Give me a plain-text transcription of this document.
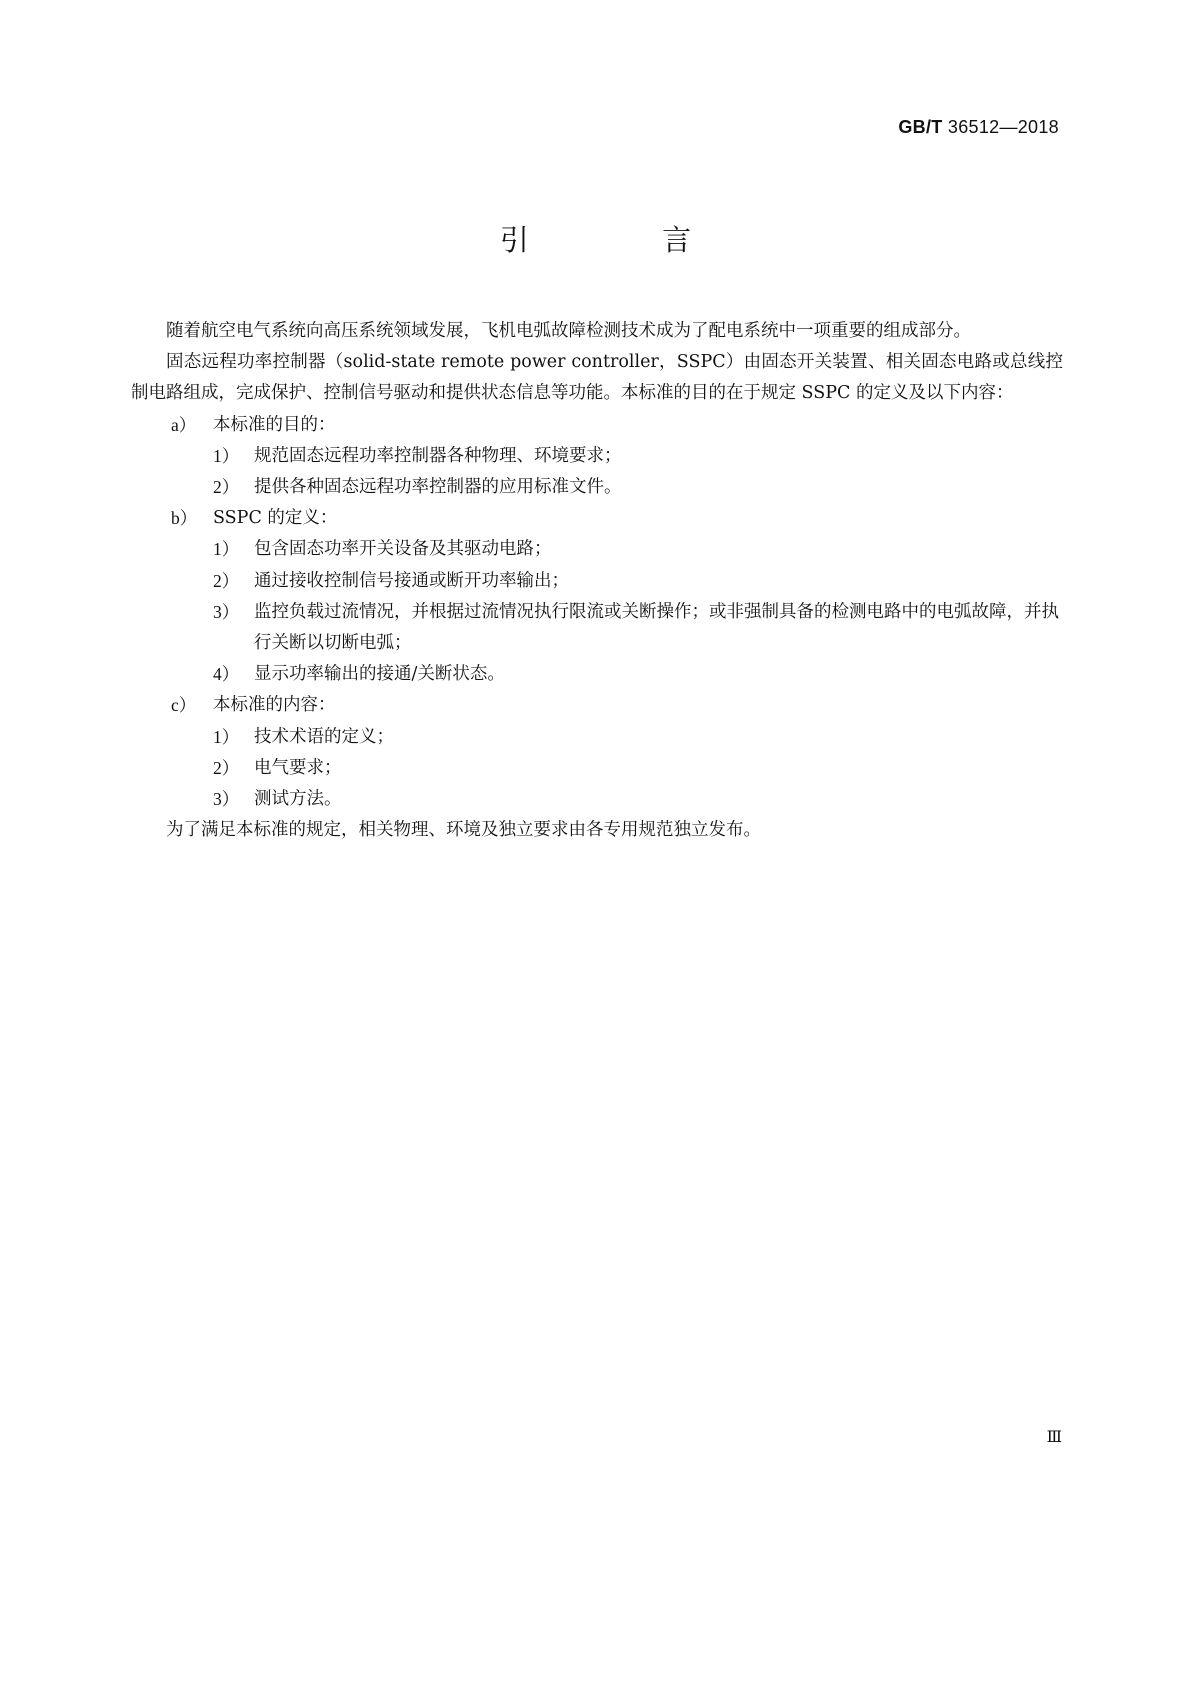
GB/T 36512—2018
引 言

随着航空电气系统向高压系统领域发展，飞机电弧故障检测技术成为了配电系统中一项重要的组成部分。

固态远程功率控制器（solid-state remote power controller，SSPC）由固态开关装置、相关固态电路或总线控制电路组成，完成保护、控制信号驱动和提供状态信息等功能。本标准的目的在于规定 SSPC 的定义及以下内容：

a） 本标准的目的：
1） 规范固态远程功率控制器各种物理、环境要求；
2） 提供各种固态远程功率控制器的应用标准文件。
b） SSPC 的定义：
1） 包含固态功率开关设备及其驱动电路；
2） 通过接收控制信号接通或断开功率输出；
3） 监控负载过流情况，并根据过流情况执行限流或关断操作；或非强制具备的检测电路中的电弧故障，并执行关断以切断电弧；
4） 显示功率输出的接通/关断状态。
c） 本标准的内容：
1） 技术术语的定义；
2） 电气要求；
3） 测试方法。

为了满足本标准的规定，相关物理、环境及独立要求由各专用规范独立发布。

Ⅲ
